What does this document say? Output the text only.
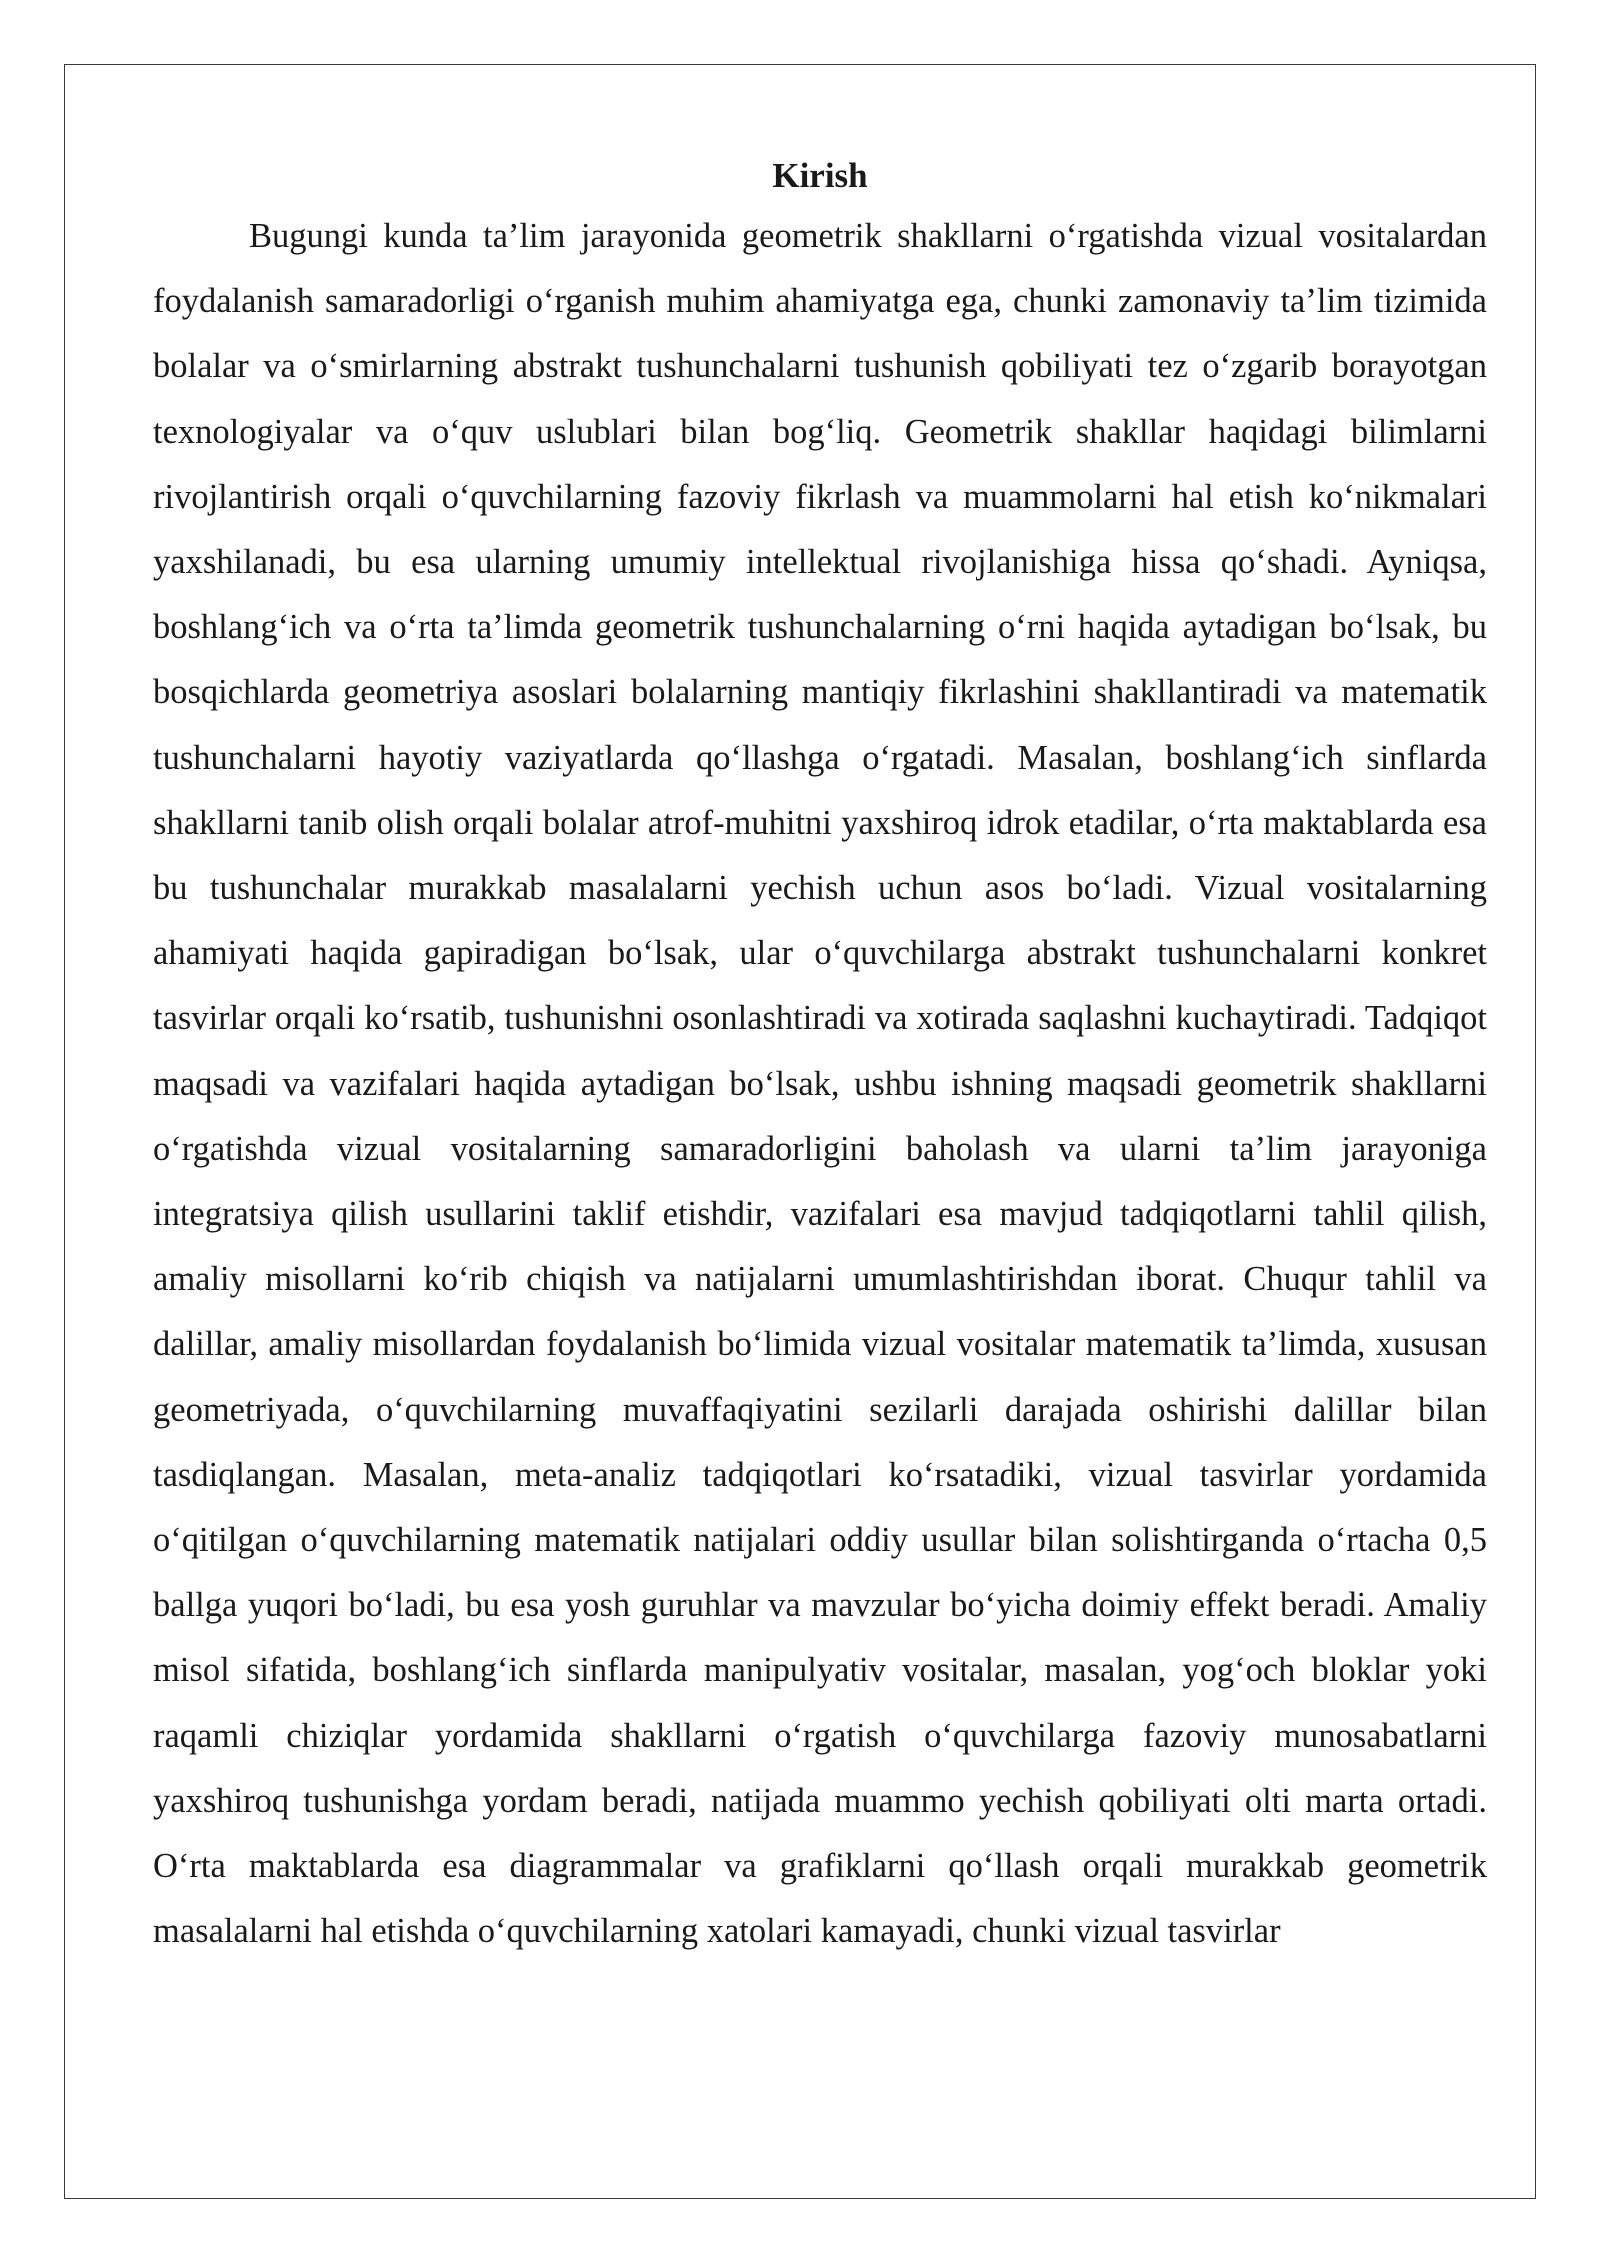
Kirish

Bugungi kunda ta’lim jarayonida geometrik shakllarni o‘rgatishda vizual vositalardan foydalanish samaradorligi o‘rganish muhim ahamiyatga ega, chunki zamonaviy ta’lim tizimida bolalar va o‘smirlarning abstrakt tushunchalarni tushunish qobiliyati tez o‘zgarib borayotgan texnologiyalar va o‘quv uslublari bilan bog‘liq. Geometrik shakllar haqidagi bilimlarni rivojlantirish orqali o‘quvchilarning fazoviy fikrlash va muammolarni hal etish ko‘nikmalari yaxshilanadi, bu esa ularning umumiy intellektual rivojlanishiga hissa qo‘shadi. Ayniqsa, boshlang‘ich va o‘rta ta’limda geometrik tushunchalarning o‘rni haqida aytadigan bo‘lsak, bu bosqichlarda geometriya asoslari bolalarning mantiqiy fikrlashini shakllantiradi va matematik tushunchalarni hayotiy vaziyatlarda qo‘llashga o‘rgatadi. Masalan, boshlang‘ich sinflarda shakllarni tanib olish orqali bolalar atrof-muhitni yaxshiroq idrok etadilar, o‘rta maktablarda esa bu tushunchalar murakkab masalalarni yechish uchun asos bo‘ladi. Vizual vositalarning ahamiyati haqida gapiradigan bo‘lsak, ular o‘quvchilarga abstrakt tushunchalarni konkret tasvirlar orqali ko‘rsatib, tushunishni osonlashtiradi va xotirada saqlashni kuchaytiradi. Tadqiqot maqsadi va vazifalari haqida aytadigan bo‘lsak, ushbu ishning maqsadi geometrik shakllarni o‘rgatishda vizual vositalarning samaradorligini baholash va ularni ta’lim jarayoniga integratsiya qilish usullarini taklif etishdir, vazifalari esa mavjud tadqiqotlarni tahlil qilish, amaliy misollarni ko‘rib chiqish va natijalarni umumlashtirishdan iborat. Chuqur tahlil va dalillar, amaliy misollardan foydalanish bo‘limida vizual vositalar matematik ta’limda, xususan geometriyada, o‘quvchilarning muvaffaqiyatini sezilarli darajada oshirishi dalillar bilan tasdiqlangan. Masalan, meta-analiz tadqiqotlari ko‘rsatadiki, vizual tasvirlar yordamida o‘qitilgan o‘quvchilarning matematik natijalari oddiy usullar bilan solishtirganda o‘rtacha 0,5 ballga yuqori bo‘ladi, bu esa yosh guruhlar va mavzular bo‘yicha doimiy effekt beradi. Amaliy misol sifatida, boshlang‘ich sinflarda manipulyativ vositalar, masalan, yog‘och bloklar yoki raqamli chiziqlar yordamida shakllarni o‘rgatish o‘quvchilarga fazoviy munosabatlarni yaxshiroq tushunishga yordam beradi, natijada muammo yechish qobiliyati olti marta ortadi. O‘rta maktablarda esa diagrammalar va grafiklarni qo‘llash orqali murakkab geometrik masalalarni hal etishda o‘quvchilarning xatolari kamayadi, chunki vizual tasvirlar
